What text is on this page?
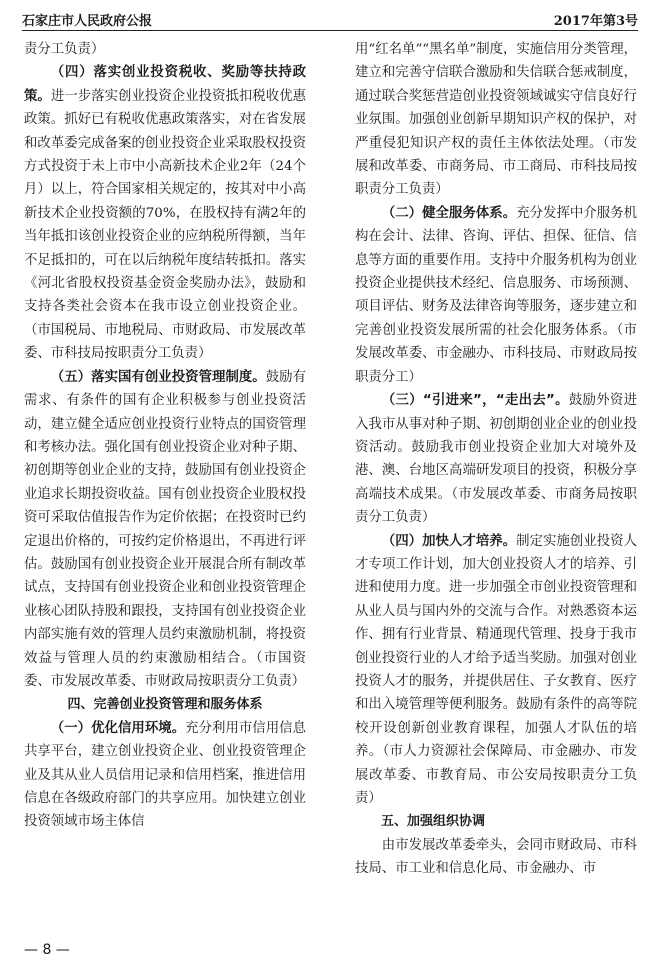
石家庄市人民政府公报	2017年第3号

责分工负责）

（四）落实创业投资税收、奖励等扶持政策。进一步落实创业投资企业投资抵扣税收优惠政策。抓好已有税收优惠政策落实，对在省发展和改革委完成备案的创业投资企业采取股权投资方式投资于未上市中小高新技术企业2年（24个月）以上，符合国家相关规定的，按其对中小高新技术企业投资额的70%，在股权持有满2年的当年抵扣该创业投资企业的应纳税所得额，当年不足抵扣的，可在以后纳税年度结转抵扣。落实《河北省股权投资基金资金奖励办法》，鼓励和支持各类社会资本在我市设立创业投资企业。（市国税局、市地税局、市财政局、市发展改革委、市科技局按职责分工负责）

（五）落实国有创业投资管理制度。鼓励有需求、有条件的国有企业积极参与创业投资活动，建立健全适应创业投资行业特点的国资管理和考核办法。强化国有创业投资企业对种子期、初创期等创业企业的支持，鼓励国有创业投资企业追求长期投资收益。国有创业投资企业股权投资可采取估值报告作为定价依据；在投资时已约定退出价格的，可按约定价格退出，不再进行评估。鼓励国有创业投资企业开展混合所有制改革试点，支持国有创业投资企业和创业投资管理企业核心团队持股和跟投，支持国有创业投资企业内部实施有效的管理人员约束激励机制，将投资效益与管理人员的约束激励相结合。（市国资委、市发展改革委、市财政局按职责分工负责）

四、完善创业投资管理和服务体系

（一）优化信用环境。充分利用市信用信息共享平台，建立创业投资企业、创业投资管理企业及其从业人员信用记录和信用档案，推进信用信息在各级政府部门的共享应用。加快建立创业投资领域市场主体信

用“红名单”“黑名单”制度，实施信用分类管理，建立和完善守信联合激励和失信联合惩戒制度，通过联合奖惩营造创业投资领域诚实守信良好行业氛围。加强创业创新早期知识产权的保护，对严重侵犯知识产权的责任主体依法处理。（市发展和改革委、市商务局、市工商局、市科技局按职责分工负责）

（二）健全服务体系。充分发挥中介服务机构在会计、法律、咨询、评估、担保、征信、信息等方面的重要作用。支持中介服务机构为创业投资企业提供技术经纪、信息服务、市场预测、项目评估、财务及法律咨询等服务，逐步建立和完善创业投资发展所需的社会化服务体系。（市发展改革委、市金融办、市科技局、市财政局按职责分工）

（三）“引进来”，“走出去”。鼓励外资进入我市从事对种子期、初创期创业企业的创业投资活动。鼓励我市创业投资企业加大对境外及港、澳、台地区高端研发项目的投资，积极分享高端技术成果。（市发展改革委、市商务局按职责分工负责）

（四）加快人才培养。制定实施创业投资人才专项工作计划，加大创业投资人才的培养、引进和使用力度。进一步加强全市创业投资管理和从业人员与国内外的交流与合作。对熟悉资本运作、拥有行业背景、精通现代管理、投身于我市创业投资行业的人才给予适当奖励。加强对创业投资人才的服务，并提供居住、子女教育、医疗和出入境管理等便利服务。鼓励有条件的高等院校开设创新创业教育课程，加强人才队伍的培养。（市人力资源社会保障局、市金融办、市发展改革委、市教育局、市公安局按职责分工负责）

五、加强组织协调

由市发展改革委牵头，会同市财政局、市科技局、市工业和信息化局、市金融办、市

— 8 —
